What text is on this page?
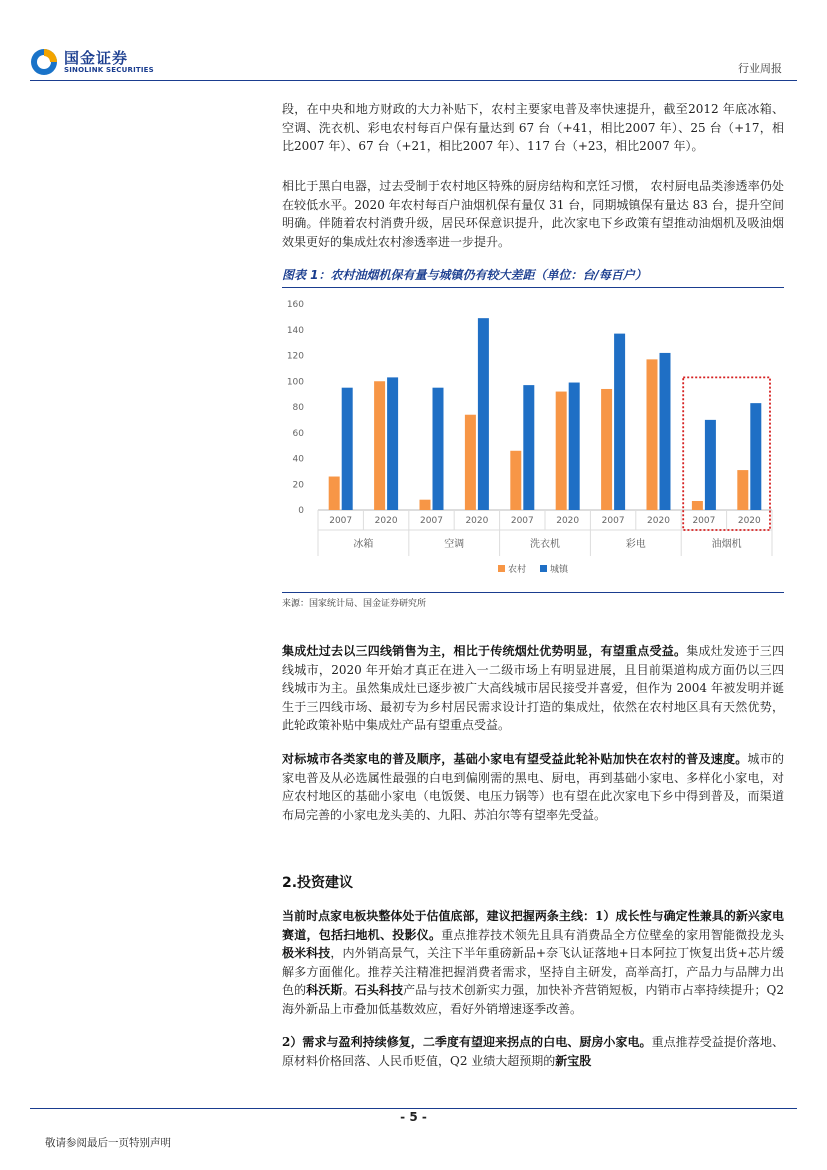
国金证券
SINOLINK SECURITIES	行业周报

段，在中央和地方财政的大力补贴下，农村主要家电普及率快速提升，截至2012 年底冰箱、空调、洗衣机、彩电农村每百户保有量达到 67 台（+41，相比2007 年）、25 台（+17，相比2007 年）、67 台（+21，相比2007 年）、117 台（+23，相比2007 年）。

相比于黑白电器，过去受制于农村地区特殊的厨房结构和烹饪习惯， 农村厨电品类渗透率仍处在较低水平。2020 年农村每百户油烟机保有量仅 31 台，同期城镇保有量达 83 台，提升空间明确。伴随着农村消费升级，居民环保意识提升，此次家电下乡政策有望推动油烟机及吸油烟效果更好的集成灶农村渗透率进一步提升。

图表 1：农村油烟机保有量与城镇仍有较大差距（单位：台/每百户）
0
20
40
60
80
100
120
140
160
2007 2020
冰箱
2007 2020
空调
2007 2020
洗衣机
2007 2020
彩电
2007 2020
油烟机
农村	城镇
来源：国家统计局、国金证券研究所

集成灶过去以三四线销售为主，相比于传统烟灶优势明显，有望重点受益。集成灶发迹于三四线城市，2020 年开始才真正在进入一二级市场上有明显进展，且目前渠道构成方面仍以三四线城市为主。虽然集成灶已逐步被广大高线城市居民接受并喜爱，但作为 2004 年被发明并诞生于三四线市场、最初专为乡村居民需求设计打造的集成灶，依然在农村地区具有天然优势，此轮政策补贴中集成灶产品有望重点受益。

对标城市各类家电的普及顺序，基础小家电有望受益此轮补贴加快在农村的普及速度。城市的家电普及从必选属性最强的白电到偏刚需的黑电、厨电，再到基础小家电、多样化小家电，对应农村地区的基础小家电（电饭煲、电压力锅等）也有望在此次家电下乡中得到普及，而渠道布局完善的小家电龙头美的、九阳、苏泊尔等有望率先受益。

2.投资建议

当前时点家电板块整体处于估值底部，建议把握两条主线：1）成长性与确定性兼具的新兴家电赛道，包括扫地机、投影仪。重点推荐技术领先且具有消费品全方位壁垒的家用智能微投龙头极米科技，内外销高景气，关注下半年重磅新品+奈飞认证落地+日本阿拉丁恢复出货+芯片缓解多方面催化。推荐关注精准把握消费者需求，坚持自主研发，高举高打，产品力与品牌力出色的科沃斯。石头科技产品与技术创新实力强，加快补齐营销短板，内销市占率持续提升；Q2 海外新品上市叠加低基数效应，看好外销增速逐季改善。

2）需求与盈利持续修复，二季度有望迎来拐点的白电、厨房小家电。重点推荐受益提价落地、原材料价格回落、人民币贬值，Q2 业绩大超预期的新宝股

- 5 -
敬请参阅最后一页特别声明
